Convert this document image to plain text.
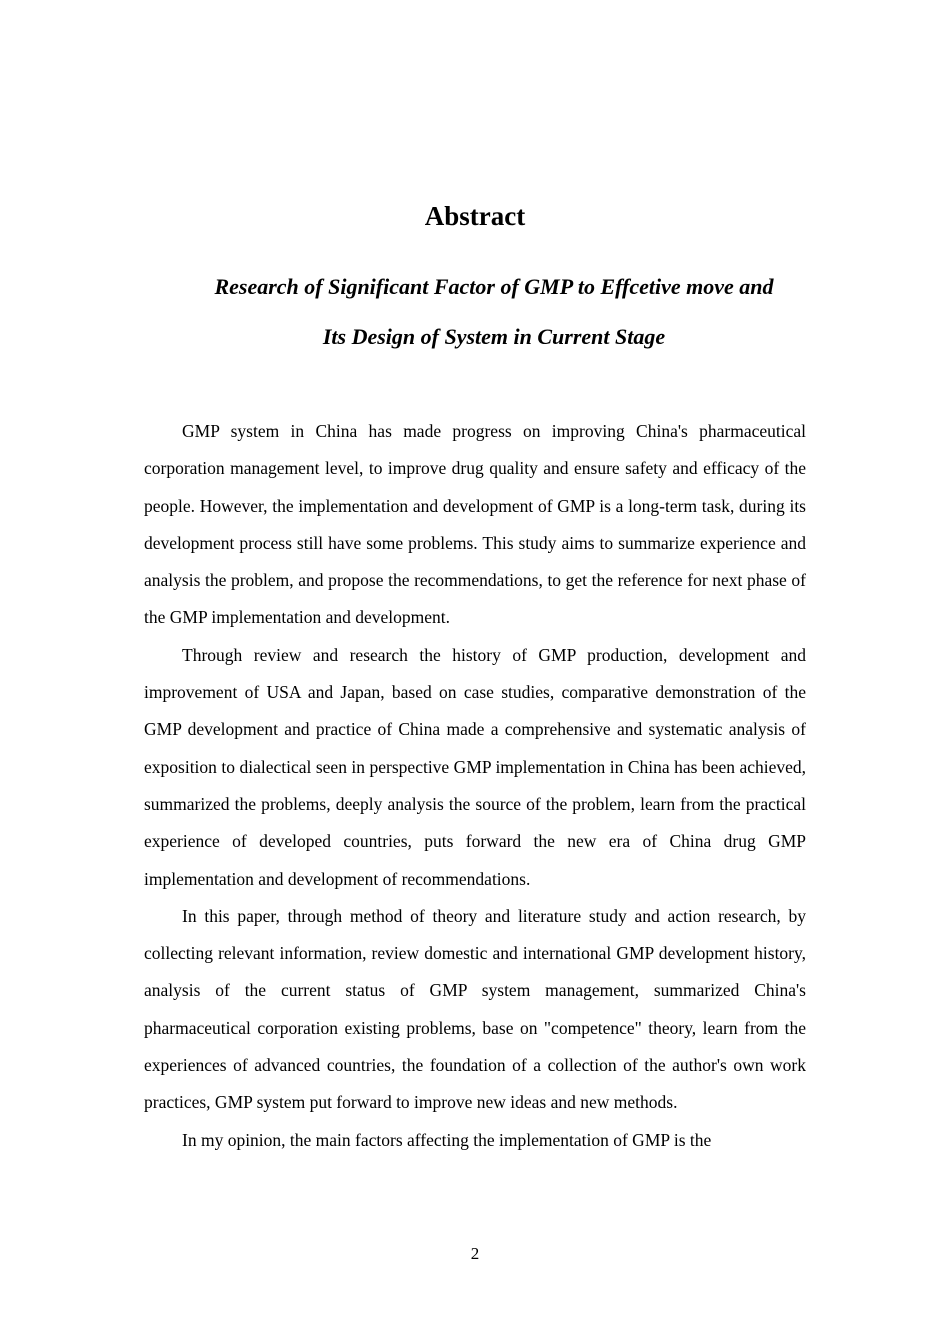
Abstract
Research of Significant Factor of GMP to Effcetive move and
Its Design of System in Current Stage

GMP system in China has made progress on improving China's pharmaceutical corporation management level, to improve drug quality and ensure safety and efficacy of the people. However, the implementation and development of GMP is a long-term task, during its development process still have some problems. This study aims to summarize experience and analysis the problem, and propose the recommendations, to get the reference for next phase of the GMP implementation and development.

Through review and research the history of GMP production, development and improvement of USA and Japan, based on case studies, comparative demonstration of the GMP development and practice of China made a comprehensive and systematic analysis of exposition to dialectical seen in perspective GMP implementation in China has been achieved, summarized the problems, deeply analysis the source of the problem, learn from the practical experience of developed countries, puts forward the new era of China drug GMP implementation and development of recommendations.

In this paper, through method of theory and literature study and action research, by collecting relevant information, review domestic and international GMP development history, analysis of the current status of GMP system management, summarized China's pharmaceutical corporation existing problems, base on "competence" theory, learn from the experiences of advanced countries, the foundation of a collection of the author's own work practices, GMP system put forward to improve new ideas and new methods.

In my opinion, the main factors affecting the implementation of GMP is the

2
